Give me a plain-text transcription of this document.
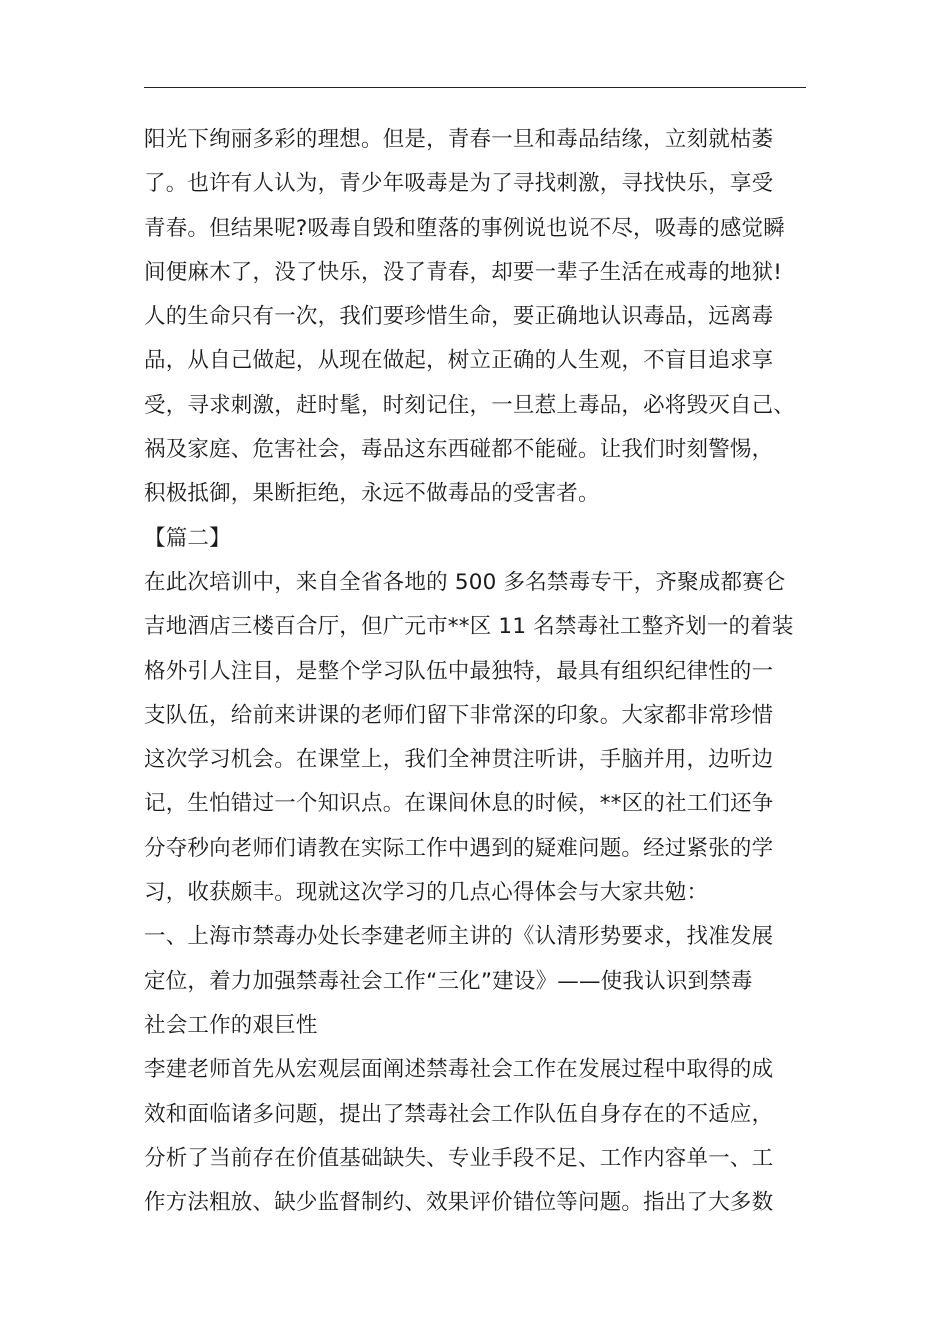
阳光下绚丽多彩的理想。但是，青春一旦和毒品结缘，立刻就枯萎
了。也许有人认为，青少年吸毒是为了寻找刺激，寻找快乐，享受
青春。但结果呢?吸毒自毁和堕落的事例说也说不尽，吸毒的感觉瞬
间便麻木了，没了快乐，没了青春，却要一辈子生活在戒毒的地狱!
人的生命只有一次，我们要珍惜生命，要正确地认识毒品，远离毒
品，从自己做起，从现在做起，树立正确的人生观，不盲目追求享
受，寻求刺激，赶时髦，时刻记住，一旦惹上毒品，必将毁灭自己、
祸及家庭、危害社会，毒品这东西碰都不能碰。让我们时刻警惕，
积极抵御，果断拒绝，永远不做毒品的受害者。
【篇二】
在此次培训中，来自全省各地的 500 多名禁毒专干，齐聚成都赛仑
吉地酒店三楼百合厅，但广元市**区 11 名禁毒社工整齐划一的着装
格外引人注目，是整个学习队伍中最独特，最具有组织纪律性的一
支队伍，给前来讲课的老师们留下非常深的印象。大家都非常珍惜
这次学习机会。在课堂上，我们全神贯注听讲，手脑并用，边听边
记，生怕错过一个知识点。在课间休息的时候，**区的社工们还争
分夺秒向老师们请教在实际工作中遇到的疑难问题。经过紧张的学
习，收获颇丰。现就这次学习的几点心得体会与大家共勉：
一、上海市禁毒办处长李建老师主讲的《认清形势要求，找准发展
定位，着力加强禁毒社会工作“三化”建设》——使我认识到禁毒
社会工作的艰巨性
李建老师首先从宏观层面阐述禁毒社会工作在发展过程中取得的成
效和面临诸多问题，提出了禁毒社会工作队伍自身存在的不适应，
分析了当前存在价值基础缺失、专业手段不足、工作内容单一、工
作方法粗放、缺少监督制约、效果评价错位等问题。指出了大多数
